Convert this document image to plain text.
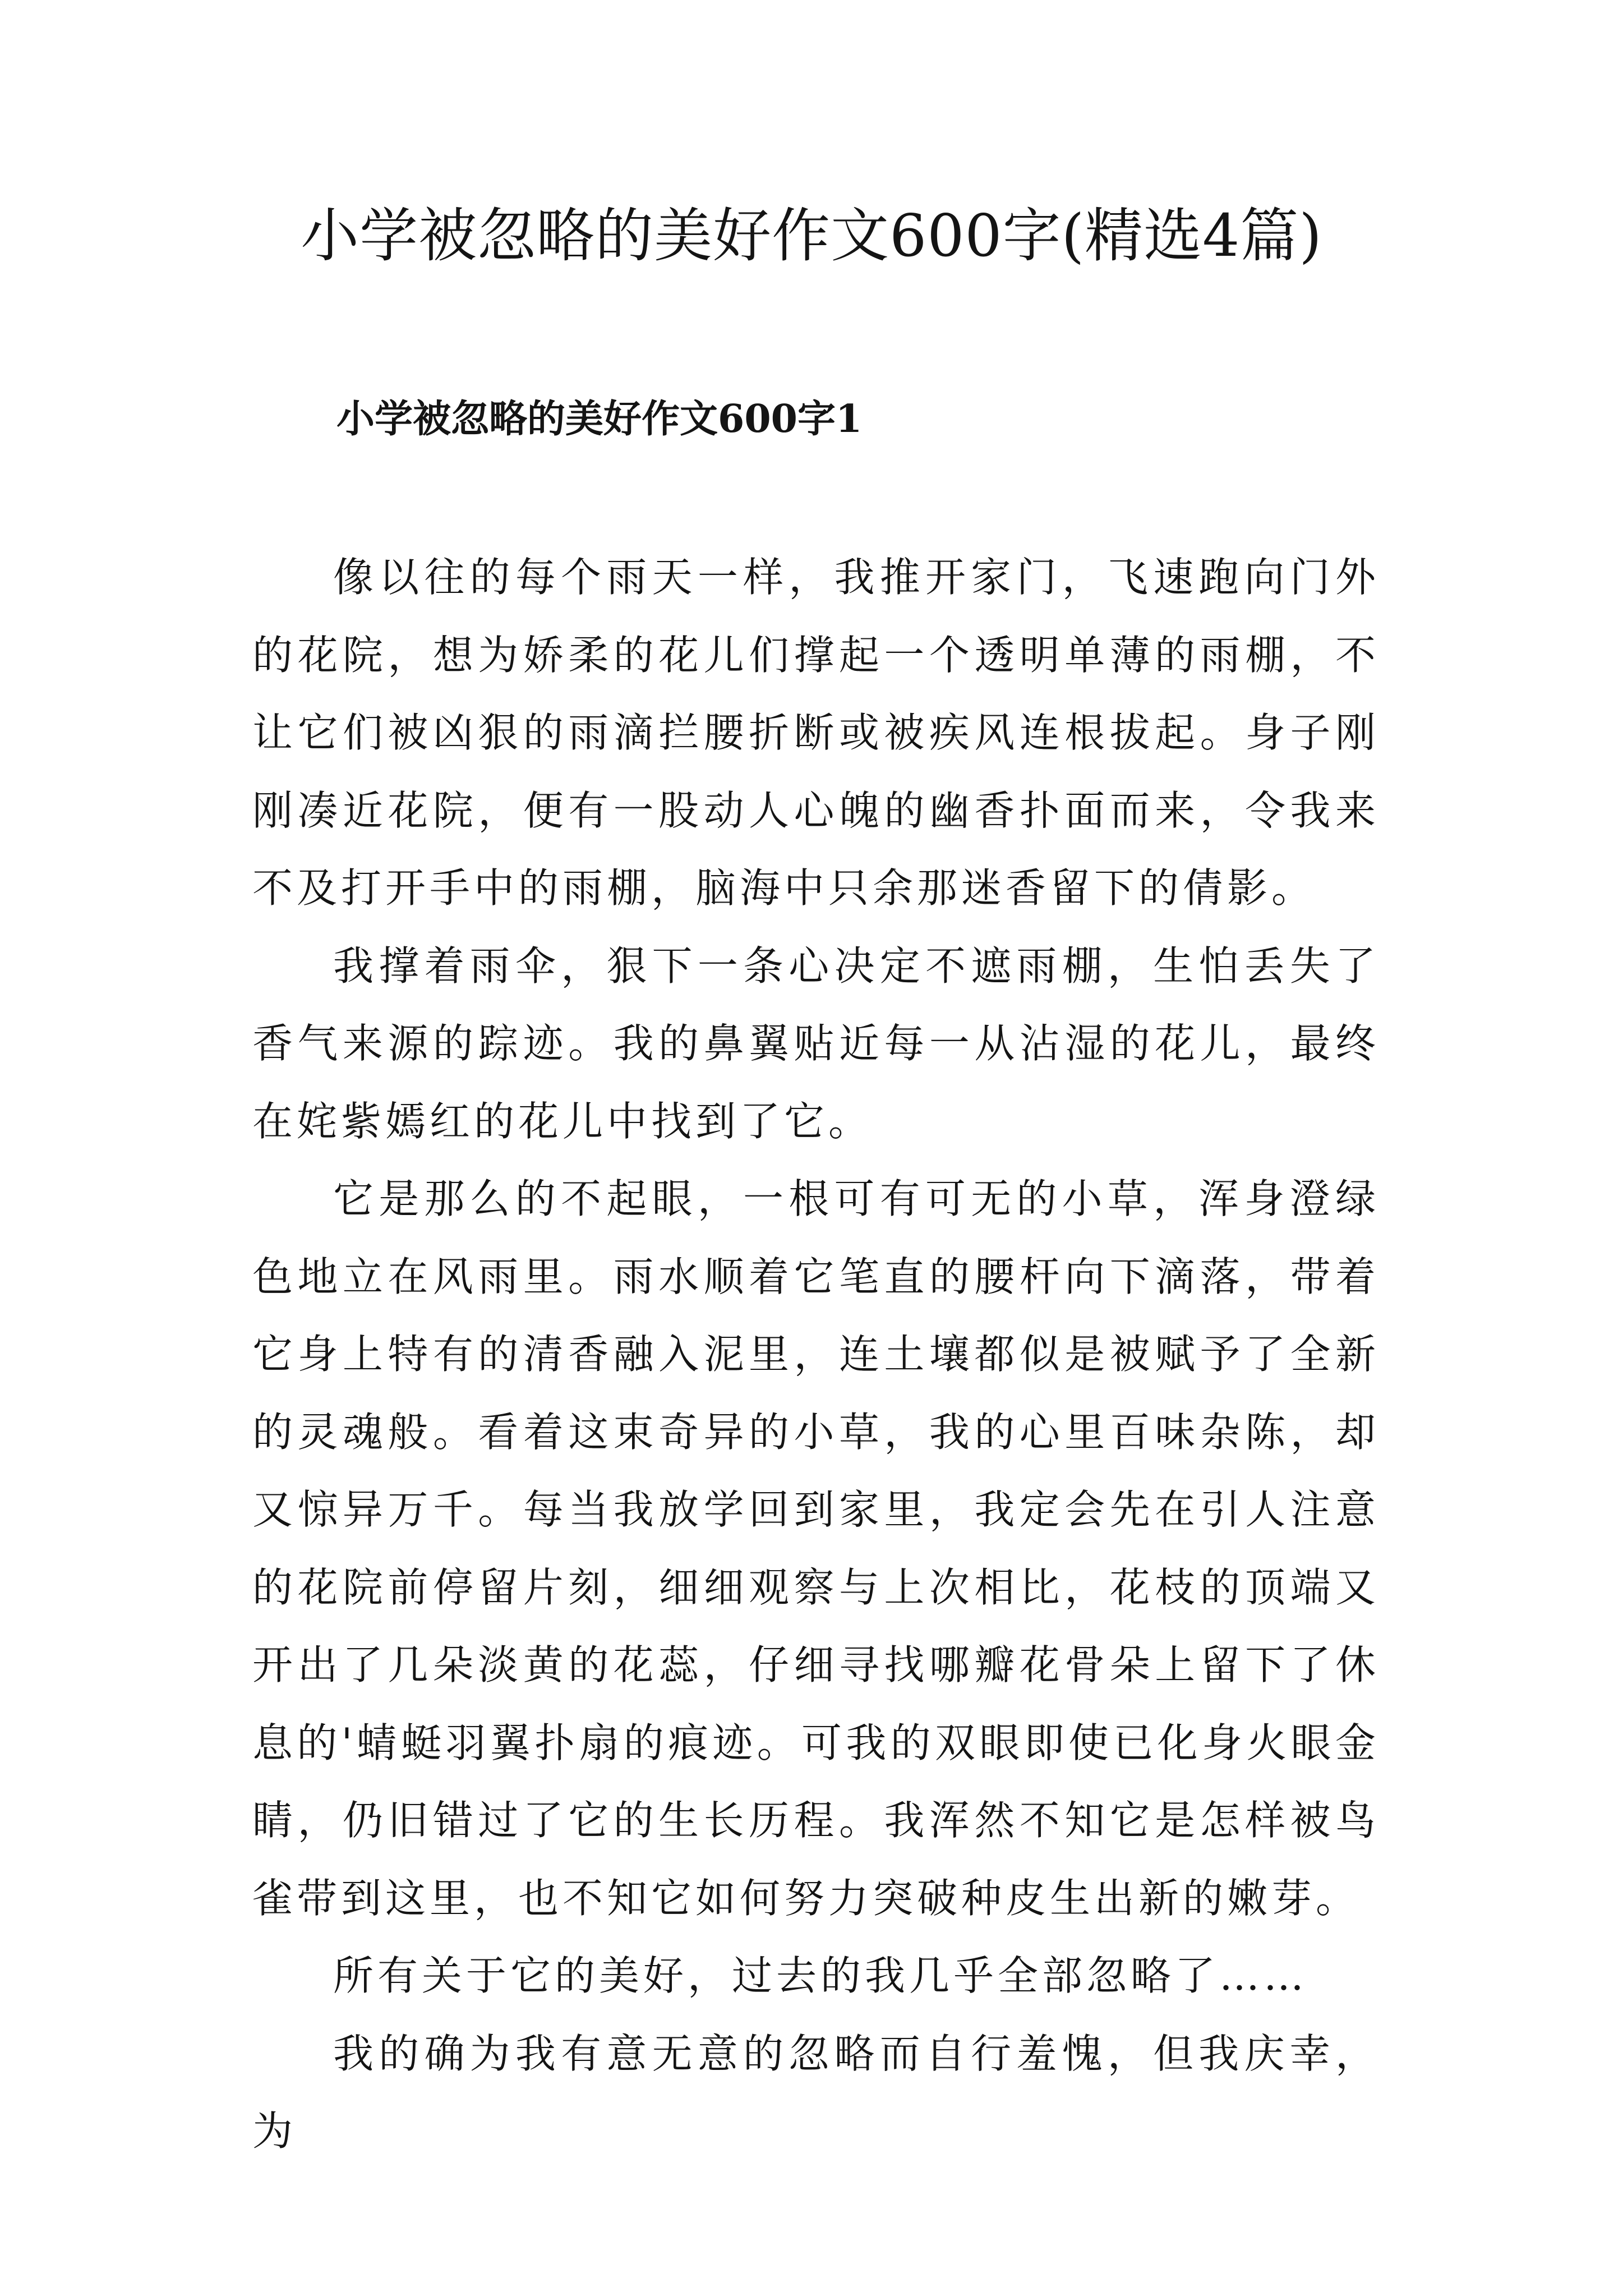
小学被忽略的美好作文600字(精选4篇)
小学被忽略的美好作文600字1

像以往的每个雨天一样，我推开家门，飞速跑向门外的花院，想为娇柔的花儿们撑起一个透明单薄的雨棚，不让它们被凶狠的雨滴拦腰折断或被疾风连根拔起。身子刚刚凑近花院，便有一股动人心魄的幽香扑面而来，令我来不及打开手中的雨棚，脑海中只余那迷香留下的倩影。

我撑着雨伞，狠下一条心决定不遮雨棚，生怕丢失了香气来源的踪迹。我的鼻翼贴近每一从沾湿的花儿，最终在姹紫嫣红的花儿中找到了它。

它是那么的不起眼，一根可有可无的小草，浑身澄绿色地立在风雨里。雨水顺着它笔直的腰杆向下滴落，带着它身上特有的清香融入泥里，连土壤都似是被赋予了全新的灵魂般。看着这束奇异的小草，我的心里百味杂陈，却又惊异万千。每当我放学回到家里，我定会先在引人注意的花院前停留片刻，细细观察与上次相比，花枝的顶端又开出了几朵淡黄的花蕊，仔细寻找哪瓣花骨朵上留下了休息的'蜻蜓羽翼扑扇的痕迹。可我的双眼即使已化身火眼金睛，仍旧错过了它的生长历程。我浑然不知它是怎样被鸟雀带到这里，也不知它如何努力突破种皮生出新的嫩芽。

所有关于它的美好，过去的我几乎全部忽略了……

我的确为我有意无意的忽略而自行羞愧，但我庆幸，为
